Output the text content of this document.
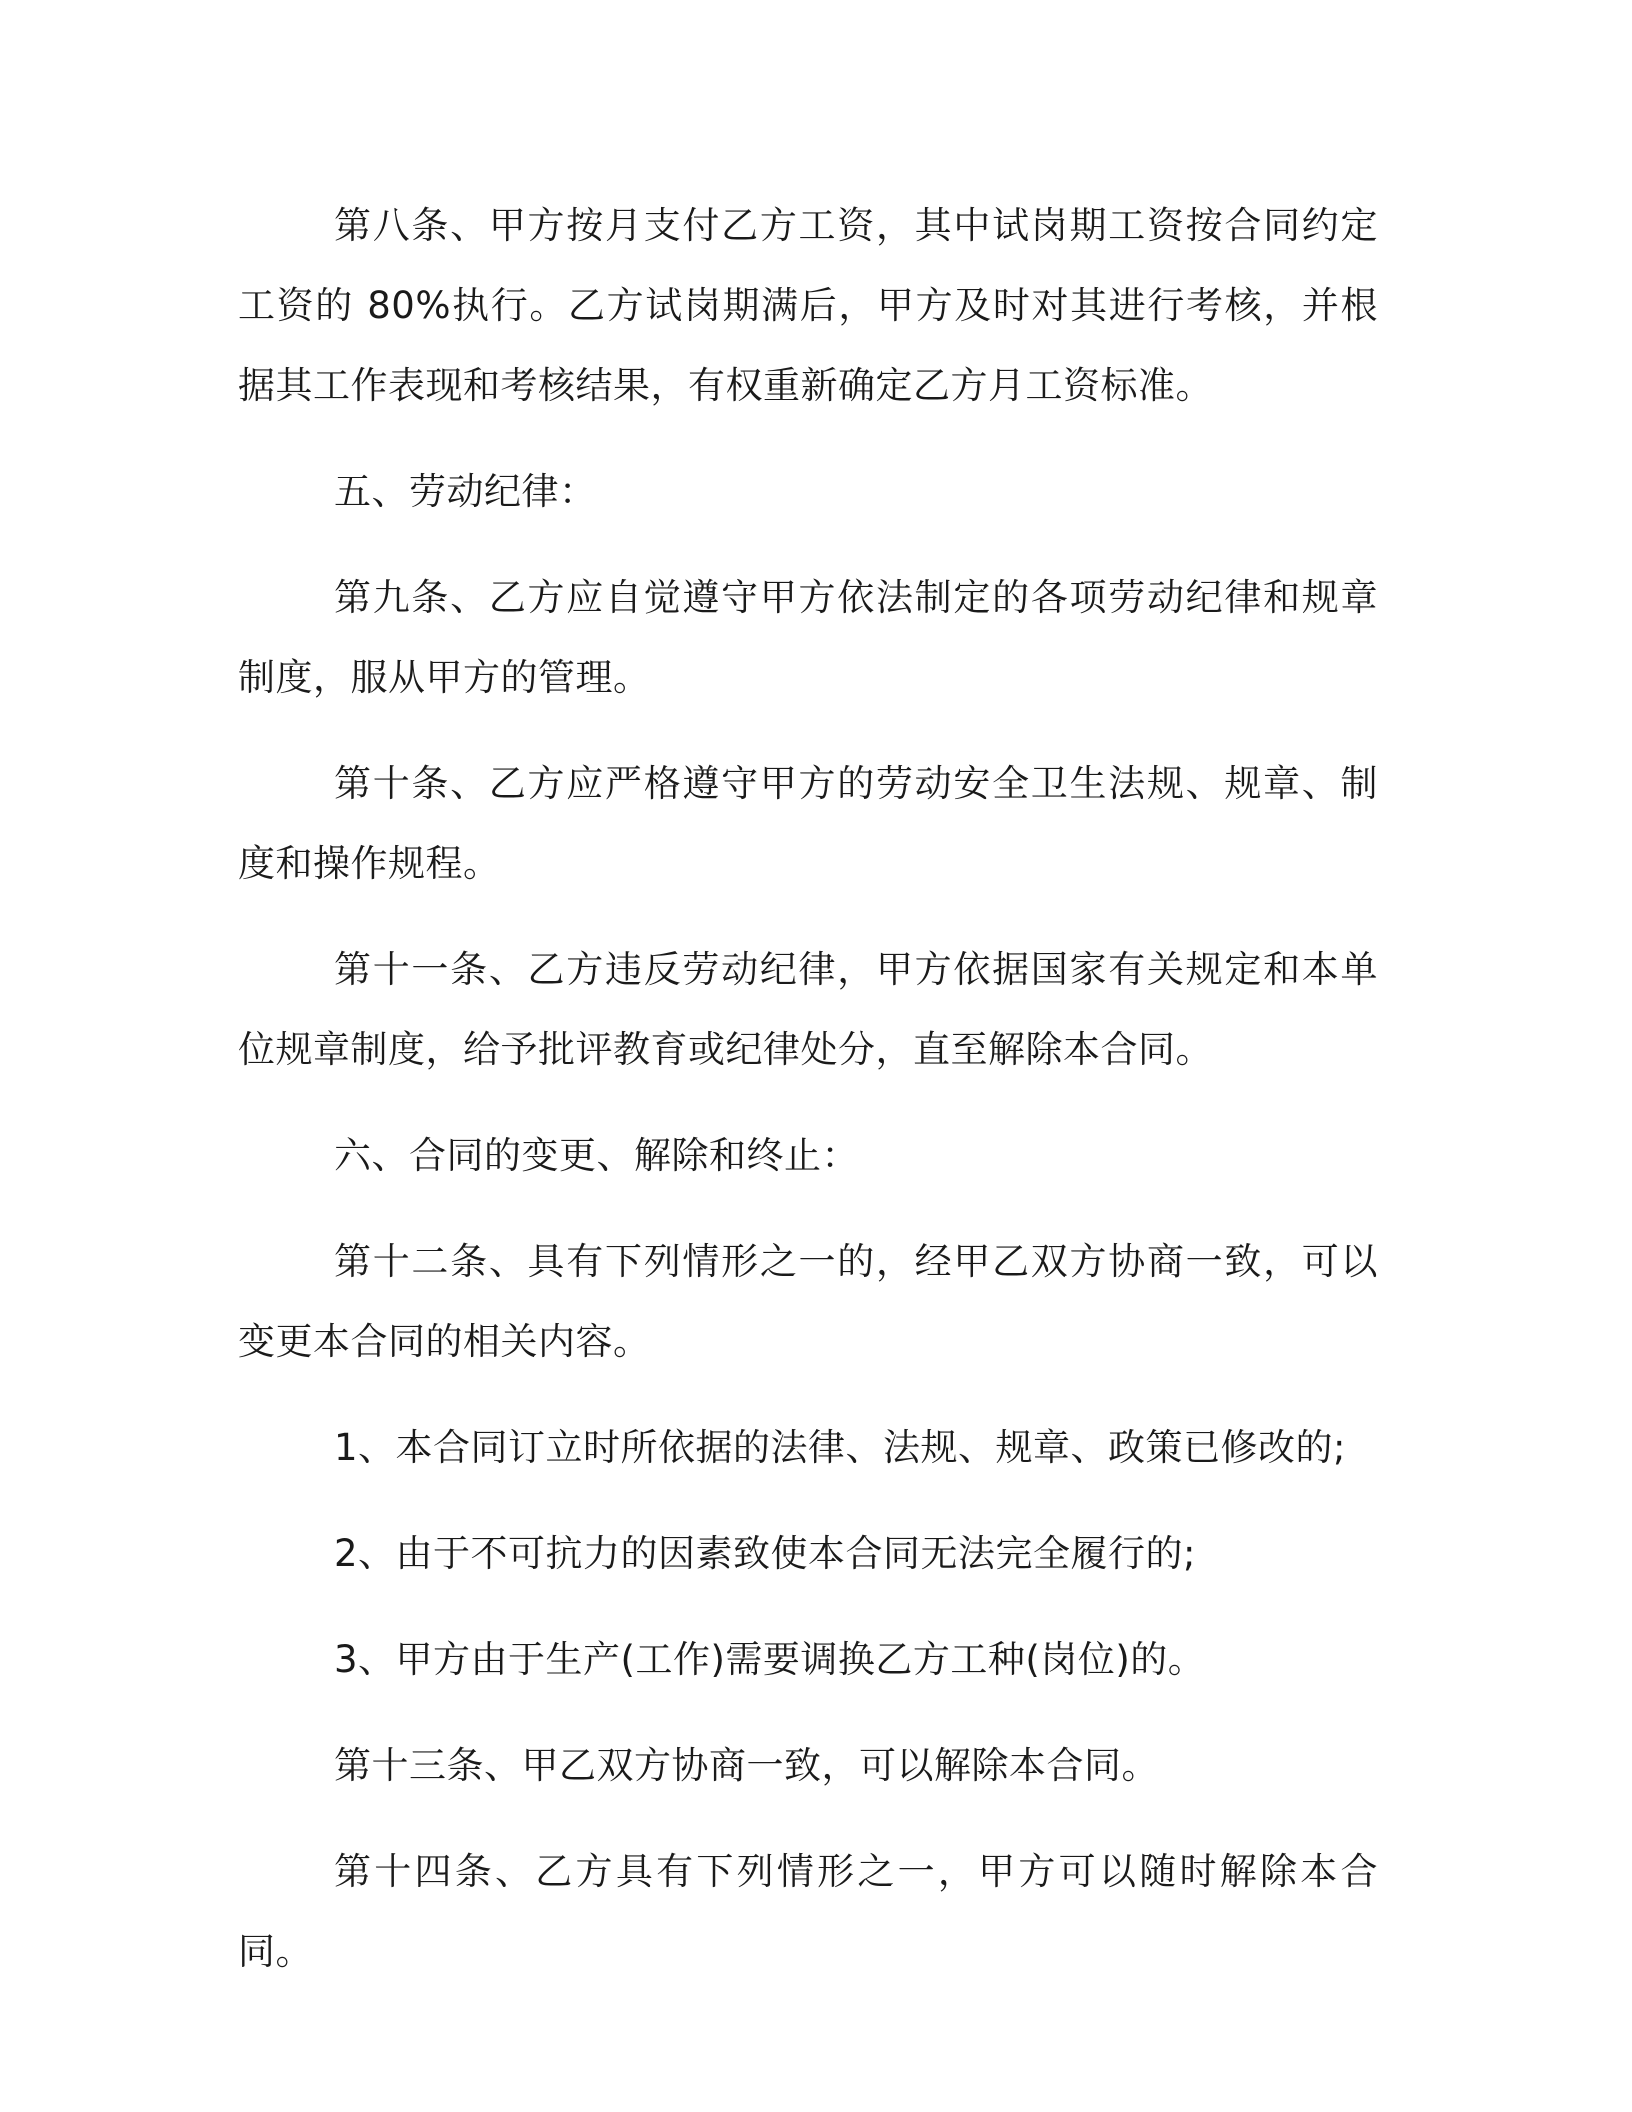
第八条、甲方按月支付乙方工资，其中试岗期工资按合同约定工资的 80%执行。乙方试岗期满后，甲方及时对其进行考核，并根据其工作表现和考核结果，有权重新确定乙方月工资标准。

五、劳动纪律：

第九条、乙方应自觉遵守甲方依法制定的各项劳动纪律和规章制度，服从甲方的管理。

第十条、乙方应严格遵守甲方的劳动安全卫生法规、规章、制度和操作规程。

第十一条、乙方违反劳动纪律，甲方依据国家有关规定和本单位规章制度，给予批评教育或纪律处分，直至解除本合同。

六、合同的变更、解除和终止：

第十二条、具有下列情形之一的，经甲乙双方协商一致，可以变更本合同的相关内容。

1、本合同订立时所依据的法律、法规、规章、政策已修改的;

2、由于不可抗力的因素致使本合同无法完全履行的;

3、甲方由于生产(工作)需要调换乙方工种(岗位)的。

第十三条、甲乙双方协商一致，可以解除本合同。

第十四条、乙方具有下列情形之一，甲方可以随时解除本合同。
